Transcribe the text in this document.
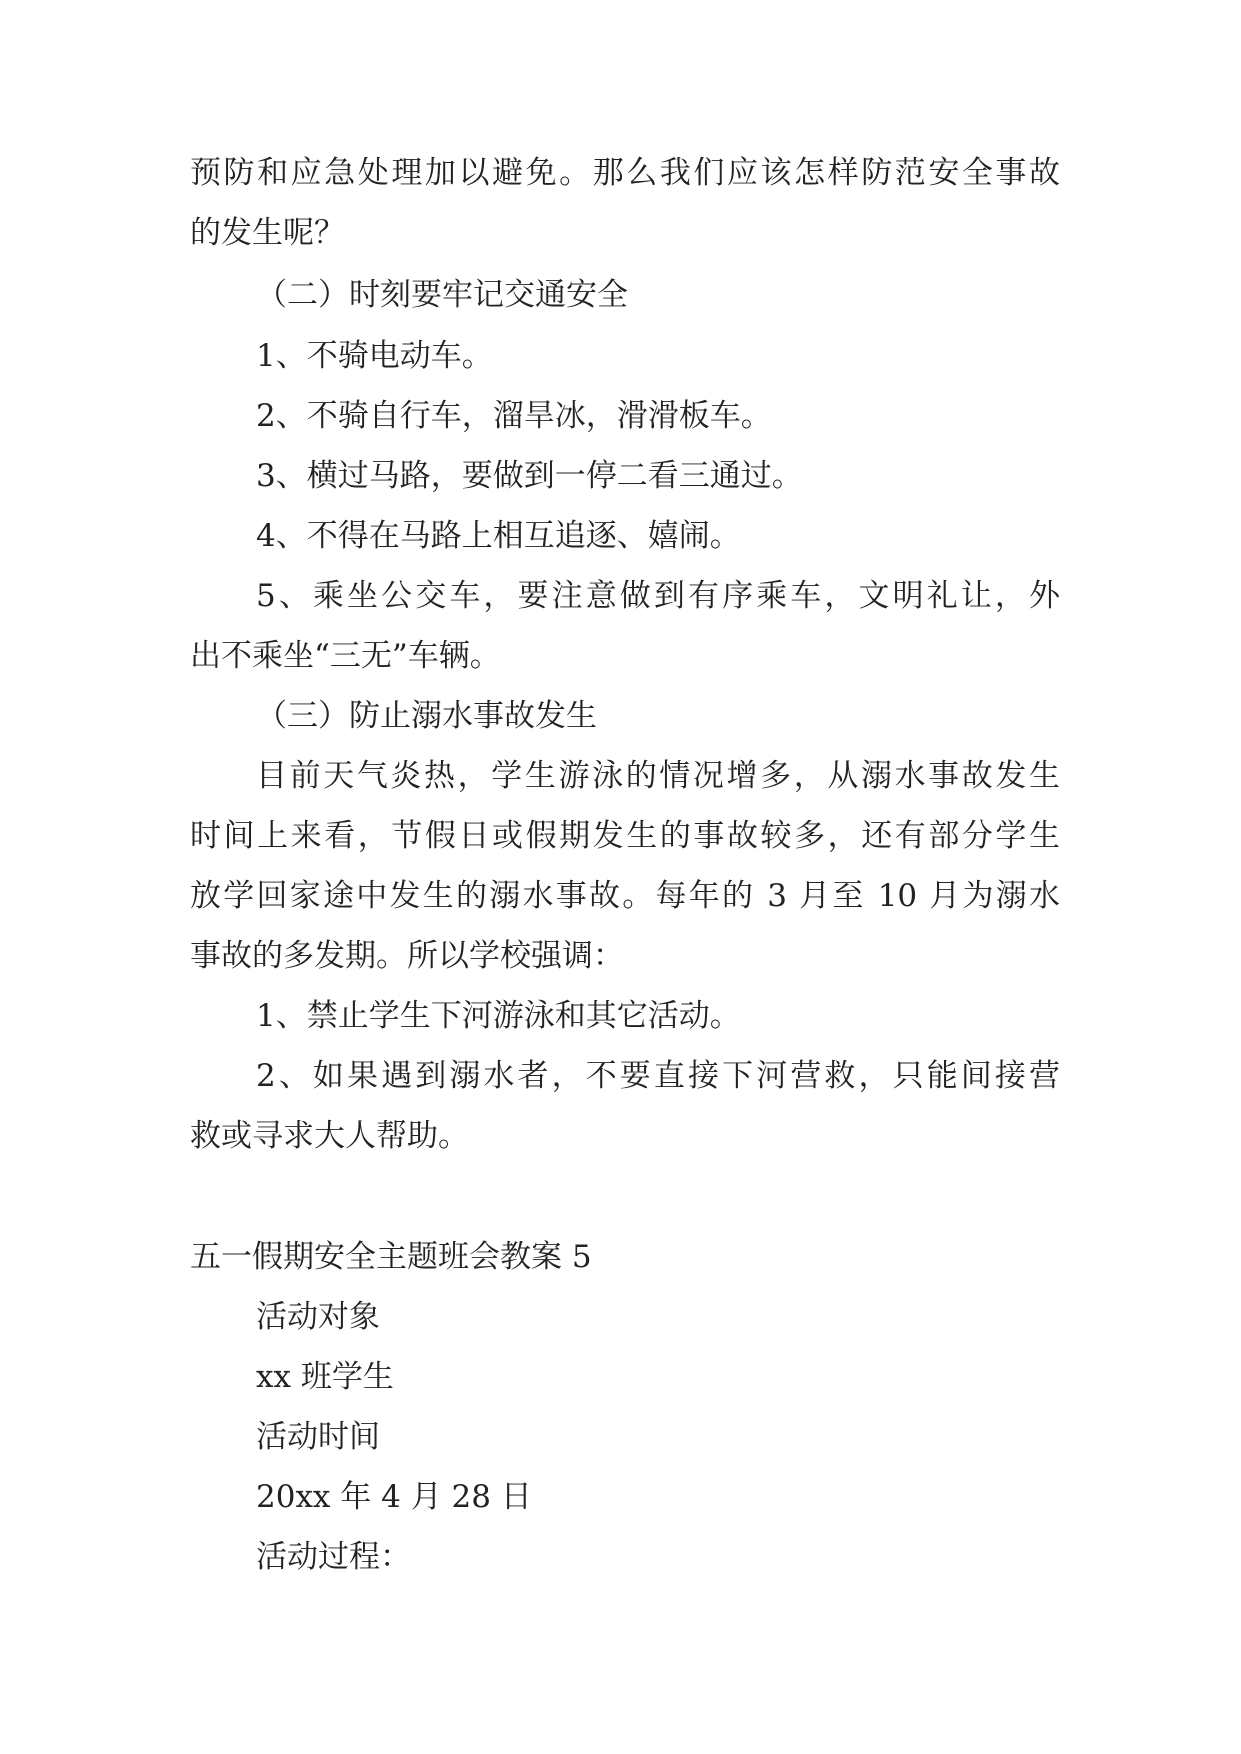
预防和应急处理加以避免。那么我们应该怎样防范安全事故
的发生呢？
（二）时刻要牢记交通安全
1、不骑电动车。
2、不骑自行车，溜旱冰，滑滑板车。
3、横过马路，要做到一停二看三通过。
4、不得在马路上相互追逐、嬉闹。
5、乘坐公交车，要注意做到有序乘车，文明礼让，外
出不乘坐“三无”车辆。
（三）防止溺水事故发生
目前天气炎热，学生游泳的情况增多，从溺水事故发生
时间上来看，节假日或假期发生的事故较多，还有部分学生
放学回家途中发生的溺水事故。每年的 3 月至 10 月为溺水
事故的多发期。所以学校强调：
1、禁止学生下河游泳和其它活动。
2、如果遇到溺水者，不要直接下河营救，只能间接营
救或寻求大人帮助。
五一假期安全主题班会教案 5
活动对象
xx 班学生
活动时间
20xx 年 4 月 28 日
活动过程：
